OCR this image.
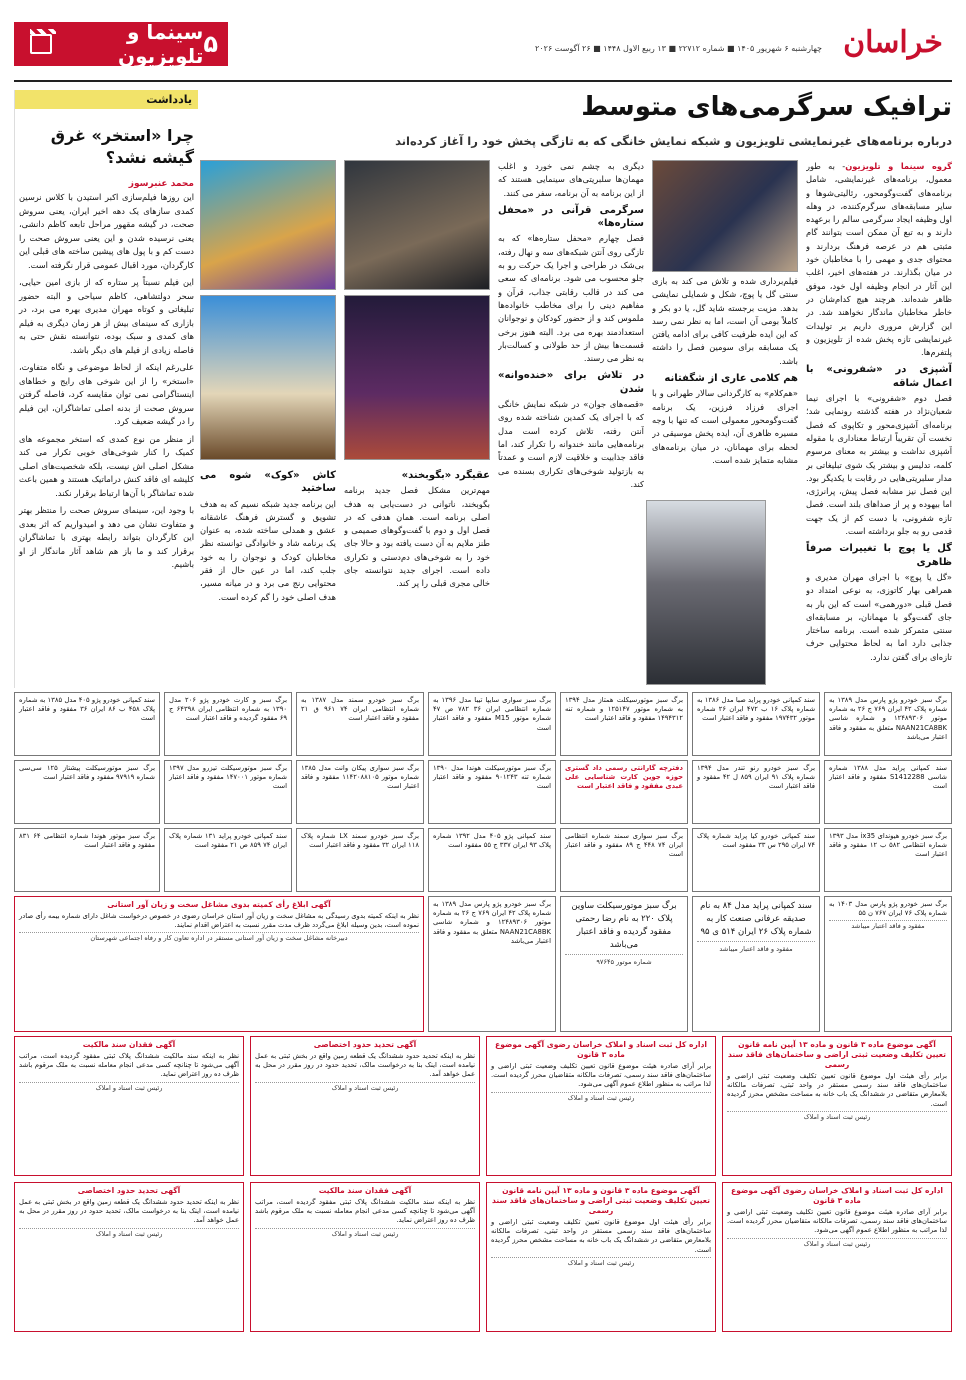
خراسان
چهارشنبه ۶ شهریور ۱۴۰۵ ■ شماره ۲۲۷۱۲ ■ ۱۳ ربیع الاول ۱۴۴۸ ■ ۲۶ آگوست ۲۰۲۶
۵
سینما و تلویزیون
یادداشت
چرا «استخر» غرق گیشه نشد؟
محمد عنبرسوز

این روزها فیلم‌سازی اکبر استیدن با کلاس نرسین کمدی سازهای یک دهه اخیر ایران، یعنی سروش صحت، در گیشه مقهور مراحل تابعه کاظم دانشی، یعنی نرسیده شدن و این یعنی سروش صحت را دست کم و با پول های پیشین ساخته های قبلی این کارگردان، مورد اقبال عمومی قرار نگرفته است.

این فیلم نسبتاً پر ستاره که از بازی امین حیایی، سحر دولتشاهی، کاظم سیاحی و البته حضور تبلیغاتی و کوتاه مهران مدیری بهره می برد، در بازاری که سینمای بیش از هر زمان دیگری به فیلم های کمدی و سبک بوده، نتوانسته نقش حتی به فاصله زیادی از فیلم های دیگر باشد.

علی‌رغم اینکه از لحاظ موضوعی و نگاه متفاوت، «استخر» را از این شوخی های رایج و خطاهای اینستاگرامی نمی توان مقایسه کرد، فاصله گرفتن سروش صحت از بدنه اصلی تماشاگران، این فیلم را در گیشه ضعیف کرد.

از منظر من نوع کمدی که استخر مجموعه های کمیک را کنار شوخی‌های خوبی تکرار می کند مشکل اصلی اش نیست، بلکه شخصیت‌های اصلی کلیشه ای فاقد کنش دراماتیک هستند و همین باعث شده تماشاگر با آن‌ها ارتباط برقرار نکند.

با وجود این، سینمای سروش صحت را منتظر بهتر و متفاوت نشان می دهد و امیدواریم که اثر بعدی این کارگردان بتواند رابطه بهتری با تماشاگران برقرار کند و ما باز هم شاهد آثار ماندگار از او باشیم.

ترافیک سرگرمی‌های متوسط
درباره برنامه‌های غیرنمایشی تلویزیون و شبکه نمایش خانگی که به تازگی پخش خود را آغاز کرده‌اند

گروه سینما و تلویزیون- به طور معمول، برنامه‌های غیرنمایشی، شامل برنامه‌های گفت‌وگومحور، رئالیتی‌شوها و سایر مسابقه‌های سرگرم‌کننده، در وهله اول وظیفه ایجاد سرگرمی سالم را برعهده دارند و به تبع آن ممکن است بتوانند گام مثبتی هم در عرصه فرهنگ بردارند و محتوای جدی و مهمی را با مخاطبان خود در میان بگذارند. در هفته‌های اخیر، اغلب این آثار در انجام وظیفه اول خود، موفق ظاهر شده‌اند. هرچند هیچ کدام‌شان در خاطر مخاطبان ماندگار نخواهند شد. در این گزارش مروری داریم بر تولیدات غیرنمایشی تازه پخش شده از تلویزیون و پلتفرم‌ها.

آشپزی در «شفرونی» با اعمال شاقه

فصل دوم «شفرونی» با اجرای نیما شعبان‌نژاد در هفته گذشته رونمایی شد؛ برنامه‌ای آشپزی‌محور و تکاپوی که فصل نخست آن تقریباً ارتباط معناداری با مقوله آشپزی نداشت و بیشتر به معنای مرسوم کلمه، تدلیس و بیشتر یک شوی تبلیغاتی بر مدار سلبریتی‌هایی در رقابت با یکدیگر بود. این فصل نیز مشابه فصل پیش، پرانرژی، اما بیهوده و پر از صداهای بلند است. فصل تازه شفرونی، با دست کم از یک جهت قدمی رو به جلو برداشته است.

گل یا پوچ با تغییرات صرفاً ظاهری

«گل یا پوچ» با اجرای مهران مدیری و همراهی بهار کاتوزی، به نوعی امتداد دو فصل قبلی «دورهمی» است که این بار به جای گفت‌وگو با مهمانان، بر مسابقه‌ای سنتی متمرکز شده است. برنامه ساختار جذابی دارد اما به لحاظ محتوایی حرف تازه‌ای برای گفتن ندارد.

فیلم‌برداری شده و تلاش می کند به بازی سنتی گل یا پوچ، شکل و شمایلی نمایشی بدهد. مزیت برجسته شاید گل، یا دو بکر و کاملاً بومی آن است، اما به نظر نمی رسد که این ایده ظرفیت کافی برای ادامه یافتن یک مسابقه برای سومین فصل را داشته باشد.

هم کلامی عاری از شگفتانه

«هم‌کلام» به کارگردانی سالار طهرانی و با اجرای فرزاد فرزین، یک برنامه گفت‌وگومحور معمولی است که تنها با وجه مسیره ظاهری آن، ایده پخش موسیقی در لحظه برای مهمانان، در میان برنامه‌های مشابه متمایز شده است.

دیگری به چشم نمی خورد و اغلب مهمان‌ها سلبریتی‌های سینمایی هستند که از این برنامه به آن برنامه، سفر می کنند.

سرگرمی قرآنی در «محفل ستاره‌ها»

فصل چهارم «محفل ستاره‌ها» که به تازگی روی آنتن شبکه‌های سه و نهال رفته، بی‌شک در طراحی و اجرا یک حرکت رو به جلو محسوب می شود. برنامه‌ای که سعی می کند در قالب رقابتی جذاب، قرآن و مفاهیم دینی را برای مخاطب خانواده‌ها ملموس کند و از حضور کودکان و نوجوانان استعدادمند بهره می برد. البته هنوز برخی قسمت‌ها بیش از حد طولانی و کسالت‌بار به نظر می رسند.

در تلاش برای «خنده‌وانه» شدن

«قصه‌های جوان» در شبکه نمایش خانگی که با اجرای یک کمدین شناخته شده روی آنتن رفته، تلاش کرده است مدل برنامه‌هایی مانند خندوانه را تکرار کند، اما فاقد جذابیت و خلاقیت لازم است و عمدتاً به بازتولید شوخی‌های تکراری بسنده می کند.

عقیگرد «بگوبخند»

مهم‌ترین مشکل فصل جدید برنامه بگوبخند، ناتوانی در دست‌یابی به هدف اصلی برنامه است. همان هدفی که در فصل اول و دوم با گفت‌وگوهای صمیمی و طنز ملایم به آن دست یافته بود و حالا جای خود را به شوخی‌های دم‌دستی و تکراری داده است. اجرای جدید نتوانسته جای خالی مجری قبلی را پر کند.

کاش «کوک» شوه می ساختید

این برنامه جدید شبکه نسیم که به هدف تشویق و گسترش فرهنگ عاشقانه عشق و همدلی ساخته شده، به عنوان یک برنامه شاد و خانوادگی توانسته نظر مخاطبان کودک و نوجوان را به خود جلب کند، اما در عین حال از فقر محتوایی رنج می برد و در میانه مسیر، هدف اصلی خود را گم کرده است.

برگ سبز خودرو پژو پارس مدل ۱۳۸۹ به شماره پلاک ۴۲ ایران ۷۶۹ ج ۲۶ به شماره موتور ۱۲۴۸۹۳۰۶ و شماره شاسی NAAN21CA8BK متعلق به مفقود و فاقد اعتبار می‌باشد
سند کمپانی خودرو پراید صبا مدل ۱۳۸۶ به شماره پلاک ۱۶ ب ۴۷۲ ایران ۲۶ شماره موتور ۱۹۷۴۳۲ مفقود و فاقد اعتبار است
برگ سبز موتورسیکلت همتاز مدل ۱۳۹۴ به شماره موتور ۱۲۵۱۴۷ و شماره تنه ۱۴۹۴۳۱۲ مفقود و فاقد اعتبار است
برگ سبز سواری سایپا تیبا مدل ۱۳۹۶ به شماره انتظامی ایران ۳۶ ۷۸۲ ص ۴۷ شماره موتور M15 مفقود و فاقد اعتبار است
برگ سبز خودرو سمند مدل ۱۳۸۷ به شماره انتظامی ایران ۷۴ ۹۶۱ ق ۲۱ مفقود و فاقد اعتبار است
برگ سبز و کارت خودرو پژو ۲۰۶ مدل ۱۳۹۰ به شماره انتظامی ایران ۶۴۳۹۸ ج ۶۹ مفقود گردیده و فاقد اعتبار است
سند کمپانی خودرو پژو ۴۰۵ مدل ۱۳۸۵ به شماره پلاک ۴۵۸ ب ۸۶ ایران ۳۶ مفقود و فاقد اعتبار است
سند کمپانی پراید مدل ۱۳۸۸ شماره شاسی S1412288 مفقود و فاقد اعتبار است
برگ سبز خودرو رنو تندر مدل ۱۳۹۴ شماره پلاک ۹۱ ایران ۸۵۹ ل ۴۲ مفقود و فاقد اعتبار است
دفترچه گارانتی رسمی داد گستری حوزه جوین کارت شناسایی علی عبدی مفقود و فاقد اعتبار است
برگ سبز موتورسیکلت هوندا مدل ۱۳۹۰ شماره تنه ۹۰۱۲۴۳ مفقود و فاقد اعتبار است
برگ سبز سواری پیکان وانت مدل ۱۳۸۵ شماره موتور ۱۱۴۲۰۸۸۱۰۵ مفقود و فاقد اعتبار است
برگ سبز موتورسیکلت تیزرو مدل ۱۳۹۷ شماره موتور ۱۴۷۰۰۱ مفقود و فاقد اعتبار است
برگ سبز موتورسیکلت پیشتاز ۱۲۵ سی‌سی شماره ۹۷۹۱۹ مفقود و فاقد اعتبار است
برگ سبز خودرو هیوندای ix35 مدل ۱۳۹۳ شماره انتظامی ۵۸۲ ب ۱۲ مفقود و فاقد اعتبار است
سند کمپانی خودرو کیا پراید شماره پلاک ۷۴ ایران ۲۹۵ س ۳۳ مفقود است
برگ سبز سواری سمند شماره انتظامی ایران ۷۴ ۴۴۸ ج ۸۹ مفقود و فاقد اعتبار است
سند کمپانی پژو ۴۰۵ مدل ۱۳۹۲ شماره پلاک ۹۳ ایران ۳۳۷ ج ۵۵ مفقود است
برگ سبز خودرو سمند LX شماره پلاک ۱۱۸ ایران ۳۲ مفقود و فاقد اعتبار است
سند کمپانی خودرو پراید ۱۳۱ شماره پلاک ایران ۷۴ ۸۵۹ ص ۲۱ مفقود است
برگ سبز موتور هوندا شماره انتظامی ۶۴ ۸۳۱ مفقود و فاقد اعتبار است
برگ سبز خودرو پژو پارس مدل ۱۴۰۳ به شماره پلاک ۷۶ ایران ۷۶۷ ن ۵۵
مفقود و فاقد اعتبار میباشد
سند کمپانی پراید مدل ۸۴ به نام صدیقه عرفانی صنعت کار به شماره پلاک ۲۶ ایران ۵۱۴ ی ۹۵
مفقود و فاقد اعتبار میباشد
برگ سبز موتورسیکلت ساوین پلاک ۲۲۰ به نام رضا رحمتی مفقود گردیده و فاقد اعتبار می‌باشد
شماره موتور ۹۷۶۴۵
برگ سبز خودرو پژو پارس مدل ۱۳۸۹ به شماره پلاک ۴۲ ایران ۷۶۹ ج ۲۶ به شماره موتور ۱۲۴۸۹۳۰۶ و شماره شاسی NAAN21CA8BK متعلق به مفقود و فاقد اعتبار می‌باشد
آگهی ابلاغ رأی کمیته بدوی مشاغل سخت و زیان آور استانی
نظر به اینکه کمیته بدوی رسیدگی به مشاغل سخت و زیان آور استان خراسان رضوی در خصوص درخواست شاغل دارای شماره بیمه رأی صادر نموده است، بدین وسیله ابلاغ می‌گردد ظرف مدت مقرر نسبت به اعتراض اقدام نمایند.
دبیرخانه مشاغل سخت و زیان آور استانی مستقر در اداره تعاون کار و رفاه اجتماعی شهرستان
آگهی موضوع ماده ۳ قانون و ماده ۱۳ آیین نامه قانون تعیین تکلیف وضعیت ثبتی اراضی و ساختمان‌های فاقد سند رسمی
برابر رأی هیئت اول موضوع قانون تعیین تکلیف وضعیت ثبتی اراضی و ساختمان‌های فاقد سند رسمی مستقر در واحد ثبتی، تصرفات مالکانه بلامعارض متقاضی در ششدانگ یک باب خانه به مساحت مشخص محرز گردیده است.
رئیس ثبت اسناد و املاک
اداره کل ثبت اسناد و املاک خراسان رضوی آگهی موضوع ماده ۳ قانون
برابر آرای صادره هیئت موضوع قانون تعیین تکلیف وضعیت ثبتی اراضی و ساختمان‌های فاقد سند رسمی، تصرفات مالکانه متقاضیان محرز گردیده است. لذا مراتب به منظور اطلاع عموم آگهی می‌شود.
رئیس ثبت اسناد و املاک
آگهی تحدید حدود اختصاصی
نظر به اینکه تحدید حدود ششدانگ یک قطعه زمین واقع در بخش ثبتی به عمل نیامده است، اینک بنا به درخواست مالک، تحدید حدود در روز مقرر در محل به عمل خواهد آمد.
رئیس ثبت اسناد و املاک
آگهی فقدان سند مالکیت
نظر به اینکه سند مالکیت ششدانگ پلاک ثبتی مفقود گردیده است، مراتب آگهی می‌شود تا چنانچه کسی مدعی انجام معامله نسبت به ملک مرقوم باشد ظرف ده روز اعتراض نماید.
رئیس ثبت اسناد و املاک
اداره کل ثبت اسناد و املاک خراسان رضوی آگهی موضوع ماده ۳ قانون
برابر آرای صادره هیئت موضوع قانون تعیین تکلیف وضعیت ثبتی اراضی و ساختمان‌های فاقد سند رسمی، تصرفات مالکانه متقاضیان محرز گردیده است. لذا مراتب به منظور اطلاع عموم آگهی می‌شود.
رئیس ثبت اسناد و املاک
آگهی موضوع ماده ۳ قانون و ماده ۱۳ آیین نامه قانون تعیین تکلیف وضعیت ثبتی اراضی و ساختمان‌های فاقد سند رسمی
برابر رأی هیئت اول موضوع قانون تعیین تکلیف وضعیت ثبتی اراضی و ساختمان‌های فاقد سند رسمی مستقر در واحد ثبتی، تصرفات مالکانه بلامعارض متقاضی در ششدانگ یک باب خانه به مساحت مشخص محرز گردیده است.
رئیس ثبت اسناد و املاک
آگهی فقدان سند مالکیت
نظر به اینکه سند مالکیت ششدانگ پلاک ثبتی مفقود گردیده است، مراتب آگهی می‌شود تا چنانچه کسی مدعی انجام معامله نسبت به ملک مرقوم باشد ظرف ده روز اعتراض نماید.
رئیس ثبت اسناد و املاک
آگهی تحدید حدود اختصاصی
نظر به اینکه تحدید حدود ششدانگ یک قطعه زمین واقع در بخش ثبتی به عمل نیامده است، اینک بنا به درخواست مالک، تحدید حدود در روز مقرر در محل به عمل خواهد آمد.
رئیس ثبت اسناد و املاک
